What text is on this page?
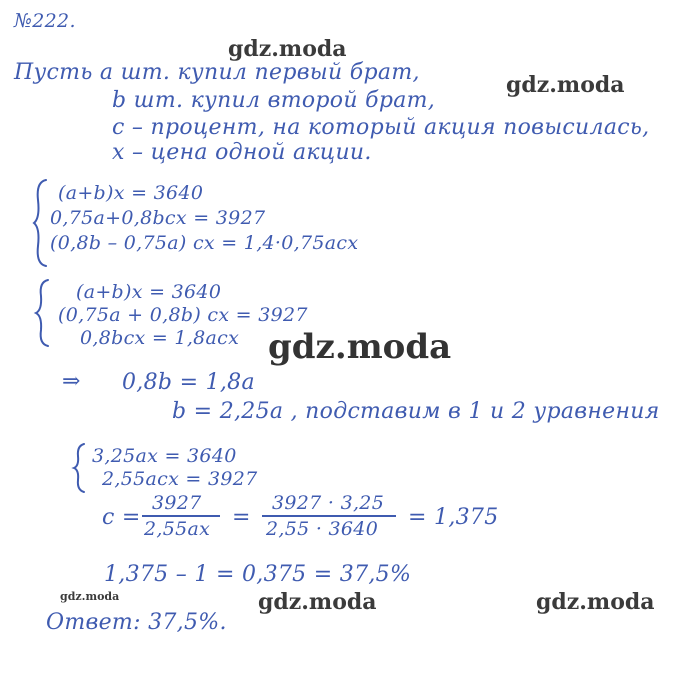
№222.
Пусть a шт. купил первый брат,
b шт. купил второй брат,
c – процент, на который акция повысилась,
x – цена одной акции.
(a+b)x = 3640
0,75a+0,8bcx = 3927
(0,8b – 0,75a) cx = 1,4·0,75acx
(a+b)x = 3640
(0,75a + 0,8b) cx = 3927
0,8bcx = 1,8acx
⇒ 0,8b = 1,8a
b = 2,25a , подставим в 1 и 2 уравнения
3,25ax = 3640
2,55acx = 3927
c =
3927
2,55ax =
3927 · 3,25
2,55 · 3640 = 1,375
1,375 – 1 = 0,375 = 37,5%
Ответ: 37,5%.
gdz.moda
gdz.moda
gdz.moda
gdz.moda	gdz.moda	gdz.moda
